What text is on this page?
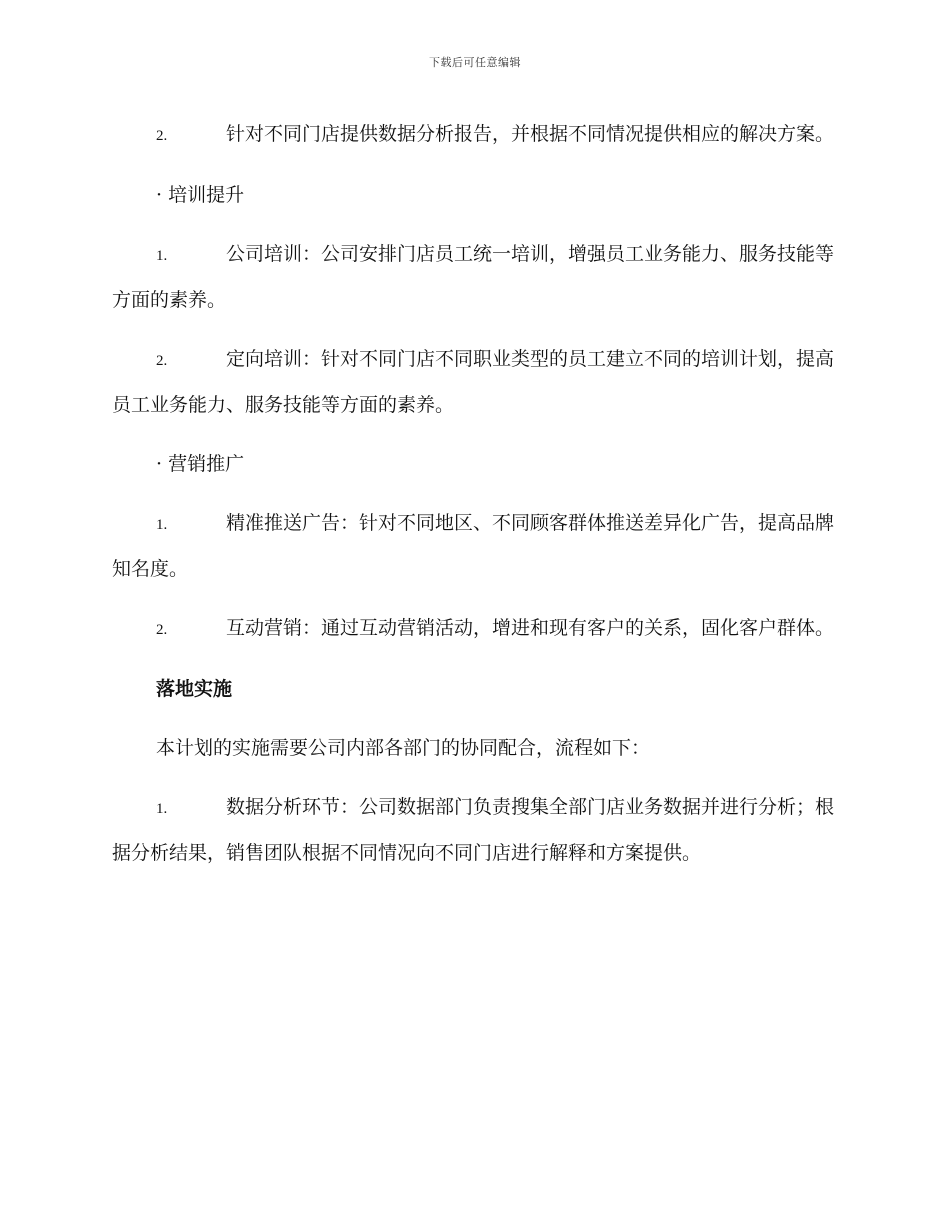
下载后可任意编辑

2.	针对不同门店提供数据分析报告，并根据不同情况提供相应的解决方案。

· 培训提升

1.	公司培训：公司安排门店员工统一培训，增强员工业务能力、服务技能等方面的素养。

2.	定向培训：针对不同门店不同职业类型的员工建立不同的培训计划，提高员工业务能力、服务技能等方面的素养。

· 营销推广

1.	精准推送广告：针对不同地区、不同顾客群体推送差异化广告，提高品牌知名度。

2.	互动营销：通过互动营销活动，增进和现有客户的关系，固化客户群体。

落地实施

本计划的实施需要公司内部各部门的协同配合，流程如下：

1.	数据分析环节：公司数据部门负责搜集全部门店业务数据并进行分析；根据分析结果，销售团队根据不同情况向不同门店进行解释和方案提供。
